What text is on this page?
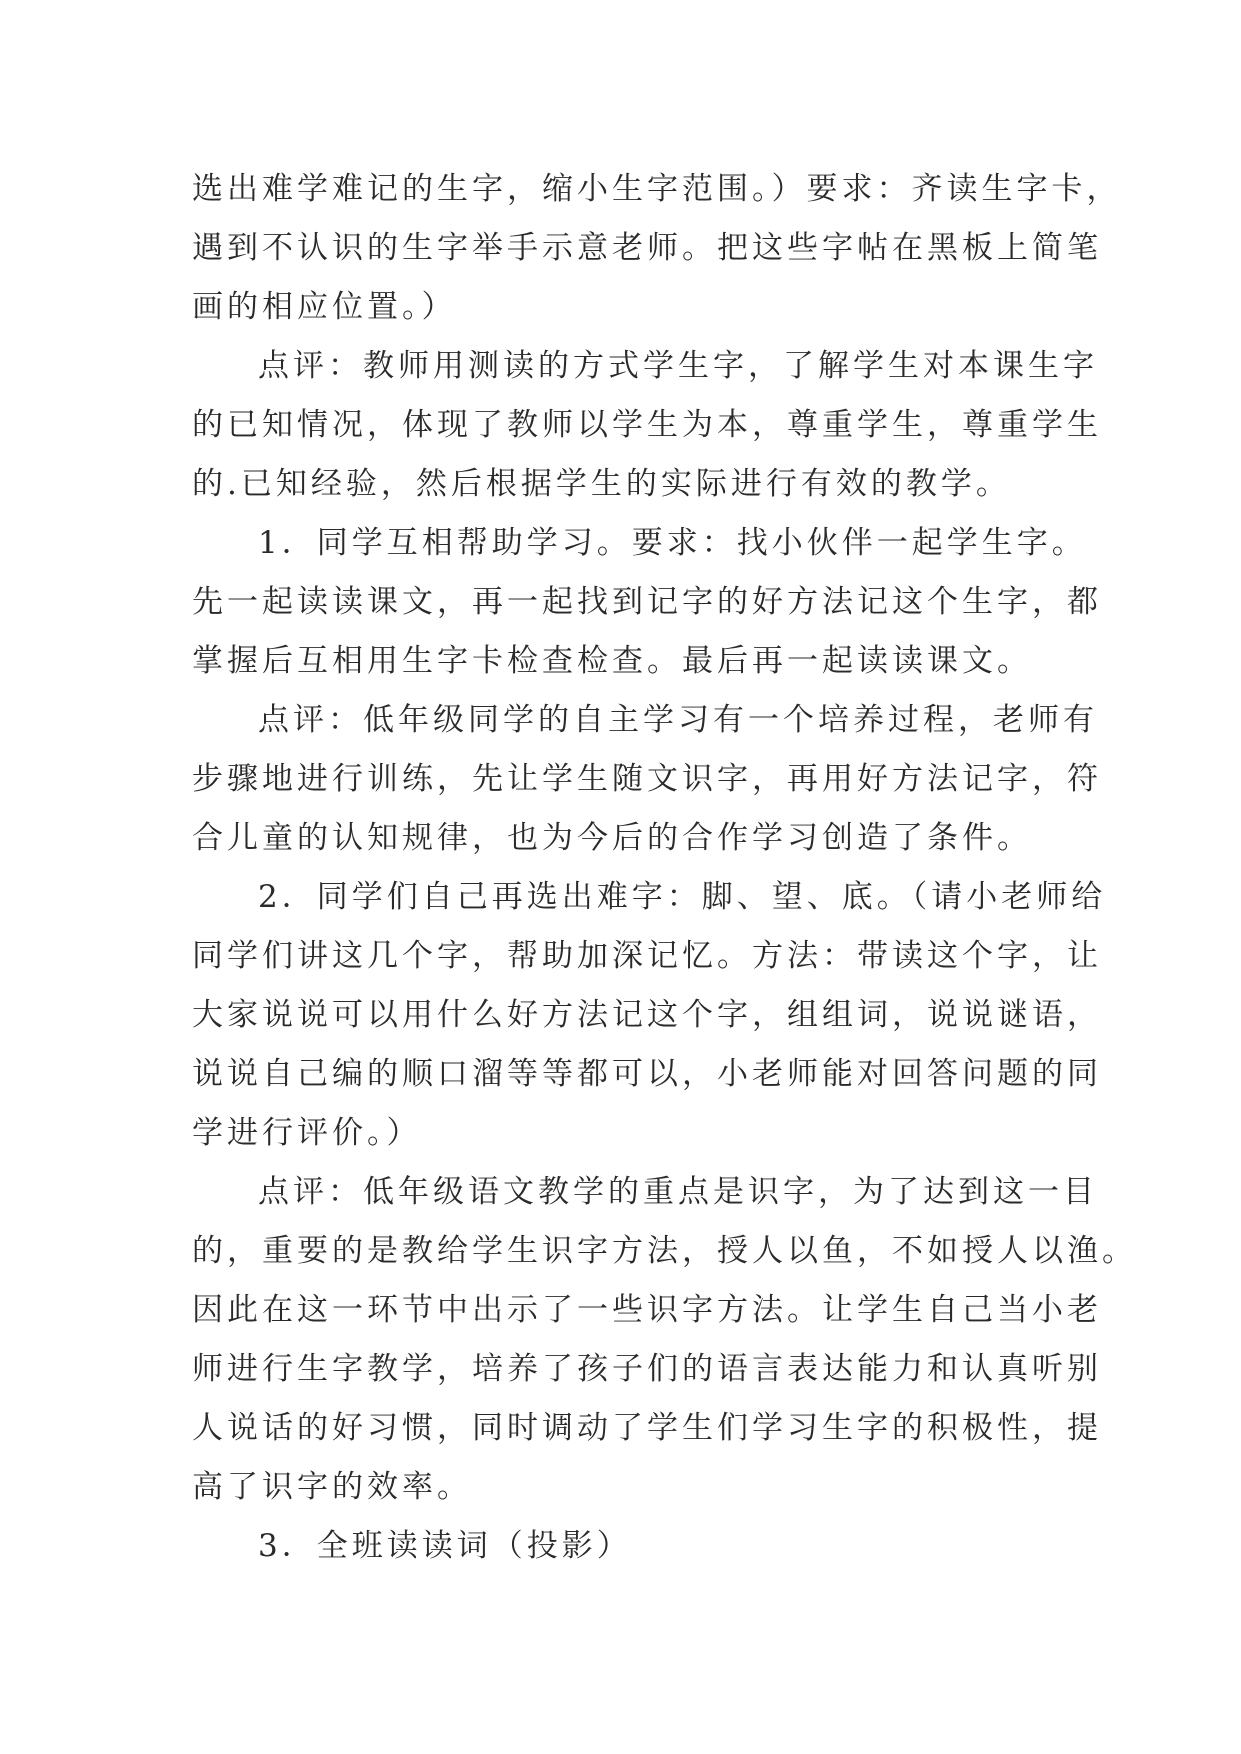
选出难学难记的生字，缩小生字范围。）要求：齐读生字卡，
遇到不认识的生字举手示意老师。把这些字帖在黑板上简笔
画的相应位置。）
点评：教师用测读的方式学生字，了解学生对本课生字
的已知情况，体现了教师以学生为本，尊重学生，尊重学生
的.已知经验，然后根据学生的实际进行有效的教学。
1．同学互相帮助学习。要求：找小伙伴一起学生字。
先一起读读课文，再一起找到记字的好方法记这个生字，都
掌握后互相用生字卡检查检查。最后再一起读读课文。
点评：低年级同学的自主学习有一个培养过程，老师有
步骤地进行训练，先让学生随文识字，再用好方法记字，符
合儿童的认知规律，也为今后的合作学习创造了条件。
2．同学们自己再选出难字：脚、望、底。（请小老师给
同学们讲这几个字，帮助加深记忆。方法：带读这个字，让
大家说说可以用什么好方法记这个字，组组词，说说谜语，
说说自己编的顺口溜等等都可以，小老师能对回答问题的同
学进行评价。）
点评：低年级语文教学的重点是识字，为了达到这一目
的，重要的是教给学生识字方法，授人以鱼，不如授人以渔。
因此在这一环节中出示了一些识字方法。让学生自己当小老
师进行生字教学，培养了孩子们的语言表达能力和认真听别
人说话的好习惯，同时调动了学生们学习生字的积极性，提
高了识字的效率。
3．全班读读词（投影）
